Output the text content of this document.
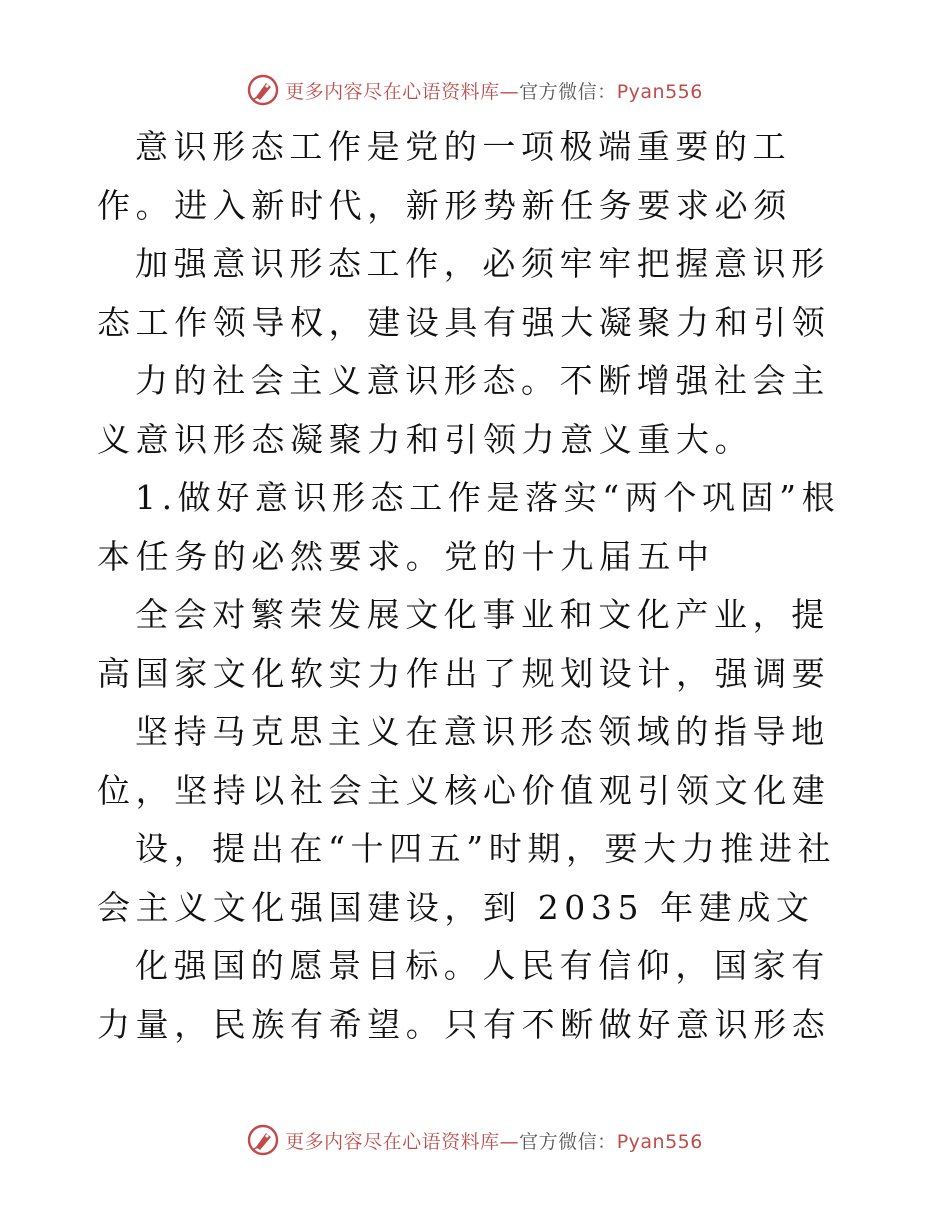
更多内容尽在心语资料库—官方微信：Pyan556

意识形态工作是党的一项极端重要的工作。进入新时代，新形势新任务要求必须

加强意识形态工作，必须牢牢把握意识形态工作领导权，建设具有强大凝聚力和引领

力的社会主义意识形态。不断增强社会主义意识形态凝聚力和引领力意义重大。

1.做好意识形态工作是落实“两个巩固”根本任务的必然要求。党的十九届五中

全会对繁荣发展文化事业和文化产业，提高国家文化软实力作出了规划设计，强调要

坚持马克思主义在意识形态领域的指导地位，坚持以社会主义核心价值观引领文化建

设，提出在“十四五”时期，要大力推进社会主义文化强国建设，到 2035 年建成文

化强国的愿景目标。人民有信仰，国家有力量，民族有希望。只有不断做好意识形态

更多内容尽在心语资料库—官方微信：Pyan556
